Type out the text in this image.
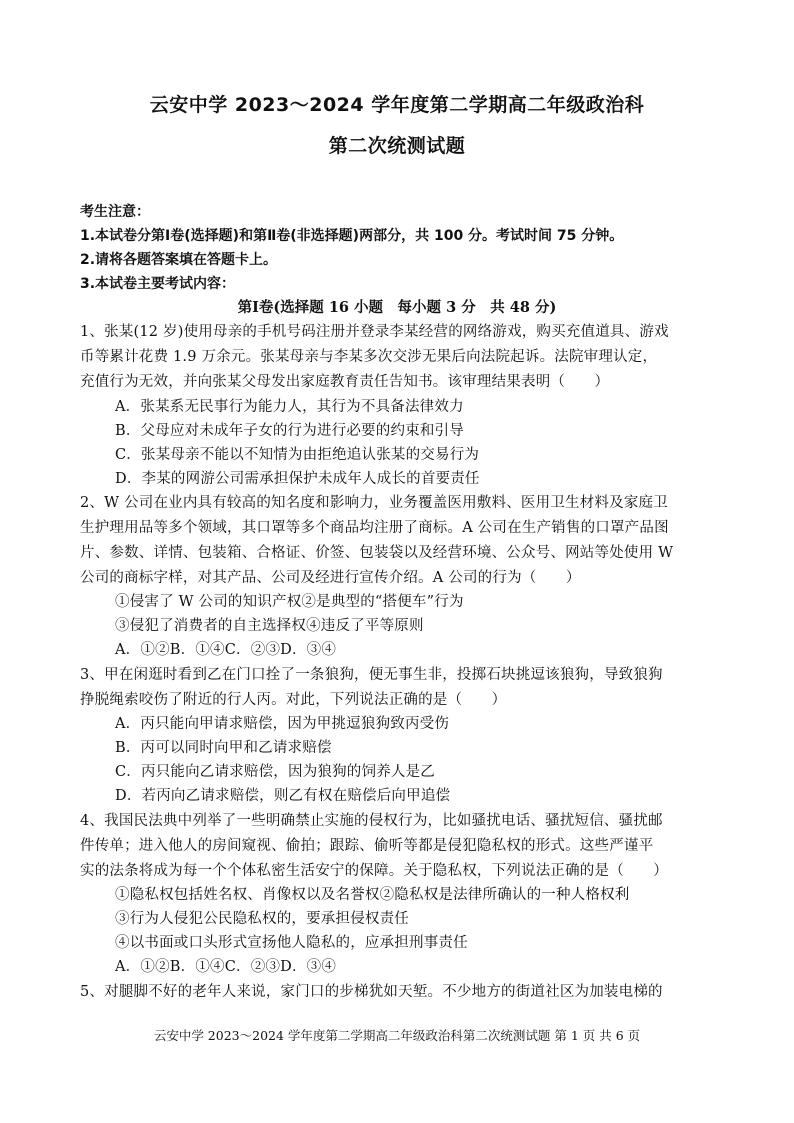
云安中学 2023～2024 学年度第二学期高二年级政治科
第二次统测试题
考生注意：
1.本试卷分第Ⅰ卷(选择题)和第Ⅱ卷(非选择题)两部分，共 100 分。考试时间 75 分钟。
2.请将各题答案填在答题卡上。
3.本试卷主要考试内容：
第Ⅰ卷(选择题 16 小题　每小题 3 分　共 48 分)
1、张某(12 岁)使用母亲的手机号码注册并登录李某经营的网络游戏，购买充值道具、游戏
币等累计花费 1.9 万余元。张某母亲与李某多次交涉无果后向法院起诉。法院审理认定，
充值行为无效，并向张某父母发出家庭教育责任告知书。该审理结果表明（　　）
A．张某系无民事行为能力人，其行为不具备法律效力
B．父母应对未成年子女的行为进行必要的约束和引导
C．张某母亲不能以不知情为由拒绝追认张某的交易行为
D．李某的网游公司需承担保护未成年人成长的首要责任
2、W 公司在业内具有较高的知名度和影响力，业务覆盖医用敷料、医用卫生材料及家庭卫
生护理用品等多个领域，其口罩等多个商品均注册了商标。A 公司在生产销售的口罩产品图
片、参数、详情、包装箱、合格证、价签、包装袋以及经营环境、公众号、网站等处使用 W
公司的商标字样，对其产品、公司及经进行宣传介绍。A 公司的行为（　　）
①侵害了 W 公司的知识产权②是典型的“搭便车”行为
③侵犯了消费者的自主选择权④违反了平等原则
A．①②B．①④C．②③D．③④
3、甲在闲逛时看到乙在门口拴了一条狼狗，便无事生非，投掷石块挑逗该狼狗，导致狼狗
挣脱绳索咬伤了附近的行人丙。对此，下列说法正确的是（　　）
A．丙只能向甲请求赔偿，因为甲挑逗狼狗致丙受伤
B．丙可以同时向甲和乙请求赔偿
C．丙只能向乙请求赔偿，因为狼狗的饲养人是乙
D．若丙向乙请求赔偿，则乙有权在赔偿后向甲追偿
4、我国民法典中列举了一些明确禁止实施的侵权行为，比如骚扰电话、骚扰短信、骚扰邮
件传单；进入他人的房间窥视、偷拍；跟踪、偷听等都是侵犯隐私权的形式。这些严谨平
实的法条将成为每一个个体私密生活安宁的保障。关于隐私权，下列说法正确的是（　　）
①隐私权包括姓名权、肖像权以及名誉权②隐私权是法律所确认的一种人格权利
③行为人侵犯公民隐私权的，要承担侵权责任
④以书面或口头形式宣扬他人隐私的，应承担刑事责任
A．①②B．①④C．②③D．③④
5、对腿脚不好的老年人来说，家门口的步梯犹如天堑。不少地方的街道社区为加装电梯的
云安中学 2023～2024 学年度第二学期高二年级政治科第二次统测试题 第 1 页 共 6 页
